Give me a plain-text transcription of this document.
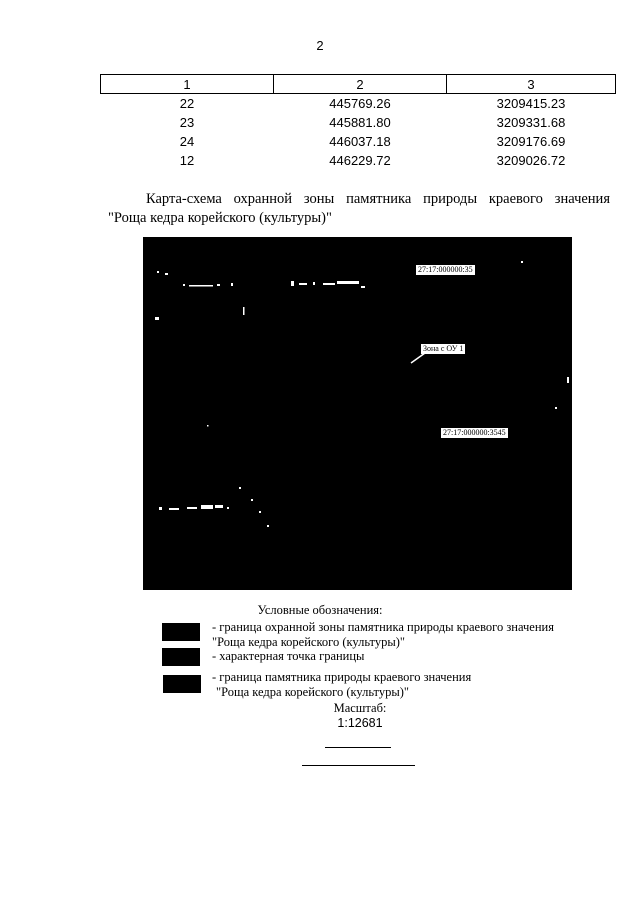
2
1	2	3
22	445769.26	3209415.23
23	445881.80	3209331.68
24	446037.18	3209176.69
12	446229.72	3209026.72
Карта-схема охранной зоны памятника природы краевого значения
"Роща кедра корейского (культуры)"
27:17:000000:35
Зона с ОУ 1
27:17:000000:3545
Условные обозначения:
- граница охранной зоны памятника природы краевого значения
"Роща кедра корейского (культуры)"
- характерная точка границы
- граница памятника природы краевого значения
"Роща кедра корейского (культуры)"
Масштаб:
1:12681
